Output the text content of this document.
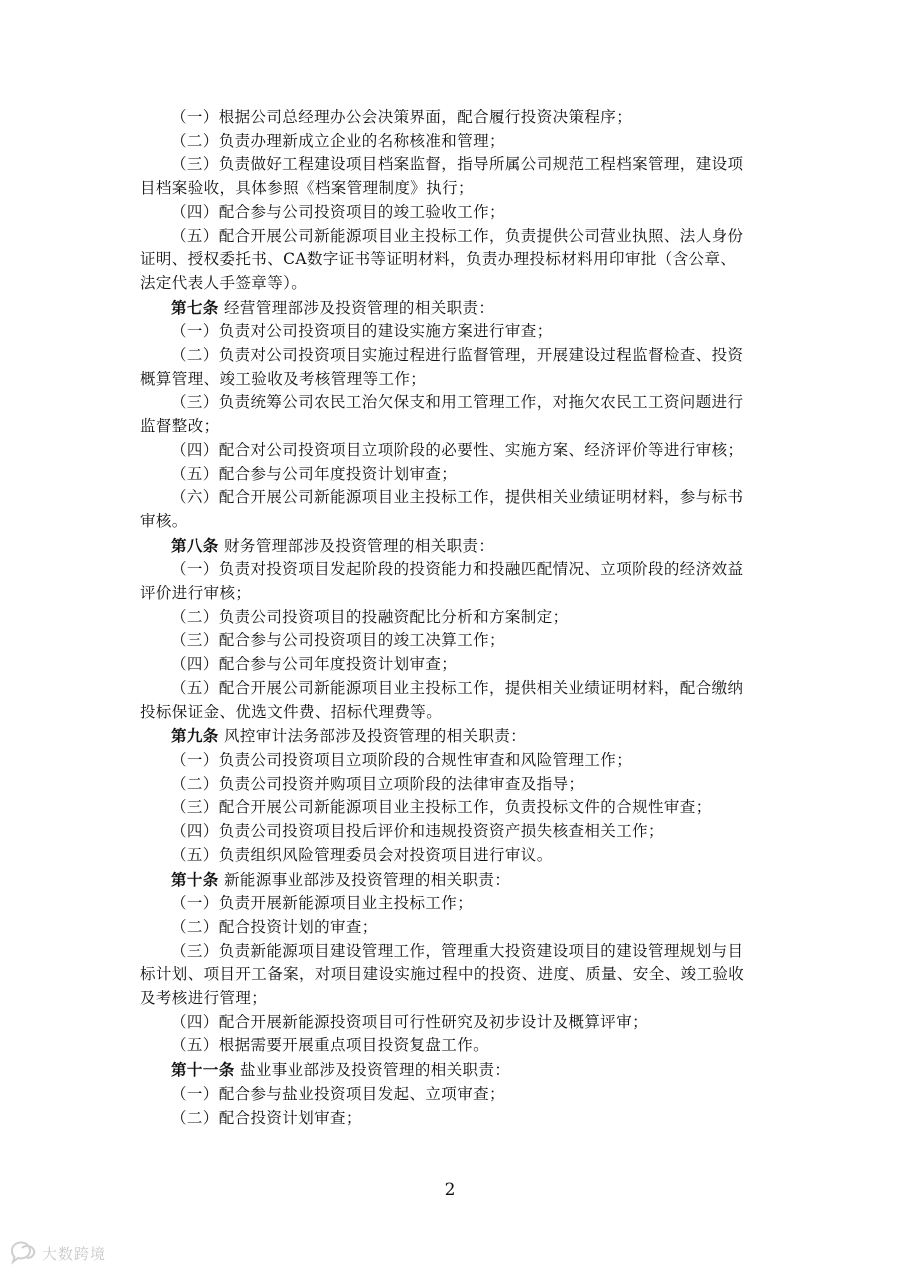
（一）根据公司总经理办公会决策界面，配合履行投资决策程序；
（二）负责办理新成立企业的名称核准和管理；
（三）负责做好工程建设项目档案监督，指导所属公司规范工程档案管理，建设项
目档案验收，具体参照《档案管理制度》执行；
（四）配合参与公司投资项目的竣工验收工作；
（五）配合开展公司新能源项目业主投标工作，负责提供公司营业执照、法人身份
证明、授权委托书、CA数字证书等证明材料，负责办理投标材料用印审批（含公章、
法定代表人手签章等）。
第七条 经营管理部涉及投资管理的相关职责：
（一）负责对公司投资项目的建设实施方案进行审查；
（二）负责对公司投资项目实施过程进行监督管理，开展建设过程监督检查、投资
概算管理、竣工验收及考核管理等工作；
（三）负责统筹公司农民工治欠保支和用工管理工作，对拖欠农民工工资问题进行
监督整改；
（四）配合对公司投资项目立项阶段的必要性、实施方案、经济评价等进行审核；
（五）配合参与公司年度投资计划审查；
（六）配合开展公司新能源项目业主投标工作，提供相关业绩证明材料，参与标书
审核。
第八条 财务管理部涉及投资管理的相关职责：
（一）负责对投资项目发起阶段的投资能力和投融匹配情况、立项阶段的经济效益
评价进行审核；
（二）负责公司投资项目的投融资配比分析和方案制定；
（三）配合参与公司投资项目的竣工决算工作；
（四）配合参与公司年度投资计划审查；
（五）配合开展公司新能源项目业主投标工作，提供相关业绩证明材料，配合缴纳
投标保证金、优选文件费、招标代理费等。
第九条 风控审计法务部涉及投资管理的相关职责：
（一）负责公司投资项目立项阶段的合规性审查和风险管理工作；
（二）负责公司投资并购项目立项阶段的法律审查及指导；
（三）配合开展公司新能源项目业主投标工作，负责投标文件的合规性审查；
（四）负责公司投资项目投后评价和违规投资资产损失核查相关工作；
（五）负责组织风险管理委员会对投资项目进行审议。
第十条 新能源事业部涉及投资管理的相关职责：
（一）负责开展新能源项目业主投标工作；
（二）配合投资计划的审查；
（三）负责新能源项目建设管理工作，管理重大投资建设项目的建设管理规划与目
标计划、项目开工备案，对项目建设实施过程中的投资、进度、质量、安全、竣工验收
及考核进行管理；
（四）配合开展新能源投资项目可行性研究及初步设计及概算评审；
（五）根据需要开展重点项目投资复盘工作。
第十一条 盐业事业部涉及投资管理的相关职责：
（一）配合参与盐业投资项目发起、立项审查；
（二）配合投资计划审查；
2
大数跨境
